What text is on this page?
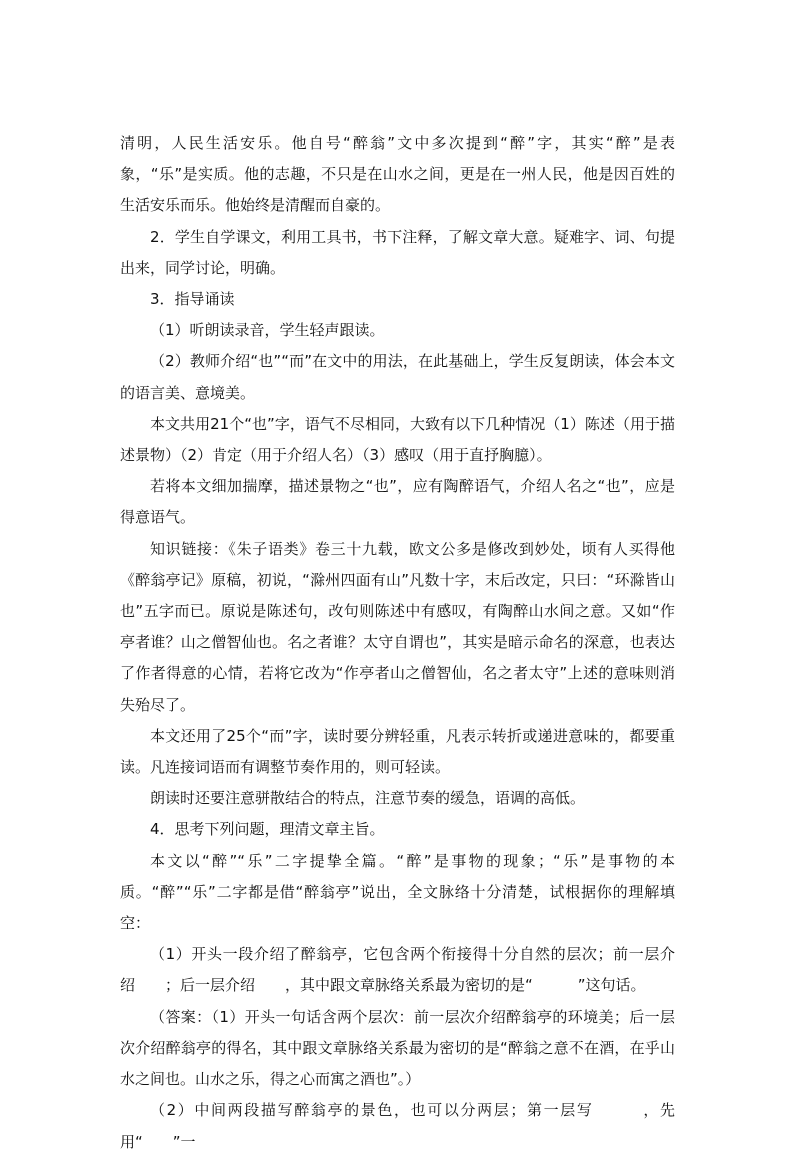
清明，人民生活安乐。他自号“醉翁”文中多次提到“醉”字，其实“醉”是表象，“乐”是实质。他的志趣，不只是在山水之间，更是在一州人民，他是因百姓的生活安乐而乐。他始终是清醒而自豪的。

2．学生自学课文，利用工具书，书下注释，了解文章大意。疑难字、词、句提出来，同学讨论，明确。

3．指导诵读

（1）听朗读录音，学生轻声跟读。

（2）教师介绍“也”“而”在文中的用法，在此基础上，学生反复朗读，体会本文的语言美、意境美。

本文共用21个“也”字，语气不尽相同，大致有以下几种情况（1）陈述（用于描述景物）（2）肯定（用于介绍人名）（3）感叹（用于直抒胸臆）。

若将本文细加揣摩，描述景物之“也”，应有陶醉语气，介绍人名之“也”，应是得意语气。

知识链接：《朱子语类》卷三十九载，欧文公多是修改到妙处，顷有人买得他《醉翁亭记》原稿，初说，“滁州四面有山”凡数十字，末后改定，只曰：“环滁皆山也”五字而已。原说是陈述句，改句则陈述中有感叹，有陶醉山水间之意。又如“作亭者谁？山之僧智仙也。名之者谁？太守自谓也”，其实是暗示命名的深意，也表达了作者得意的心情，若将它改为“作亭者山之僧智仙，名之者太守”上述的意味则消失殆尽了。

本文还用了25个“而”字，读时要分辨轻重，凡表示转折或递进意味的，都要重读。凡连接词语而有调整节奏作用的，则可轻读。

朗读时还要注意骈散结合的特点，注意节奏的缓急，语调的高低。

4．思考下列问题，理清文章主旨。

本文以“醉”“乐”二字提挚全篇。“醉”是事物的现象；“乐”是事物的本质。“醉”“乐”二字都是借“醉翁亭”说出，全文脉络十分清楚，试根据你的理解填空：

（1）开头一段介绍了醉翁亭，它包含两个衔接得十分自然的层次；前一层介绍　　；后一层介绍　　，其中跟文章脉络关系最为密切的是“　　　”这句话。

（答案：（1）开头一句话含两个层次：前一层次介绍醉翁亭的环境美；后一层次介绍醉翁亭的得名，其中跟文章脉络关系最为密切的是“醉翁之意不在酒，在乎山水之间也。山水之乐，得之心而寓之酒也”。）

（2）中间两段描写醉翁亭的景色，也可以分两层；第一层写　　　，先用“　　”一
